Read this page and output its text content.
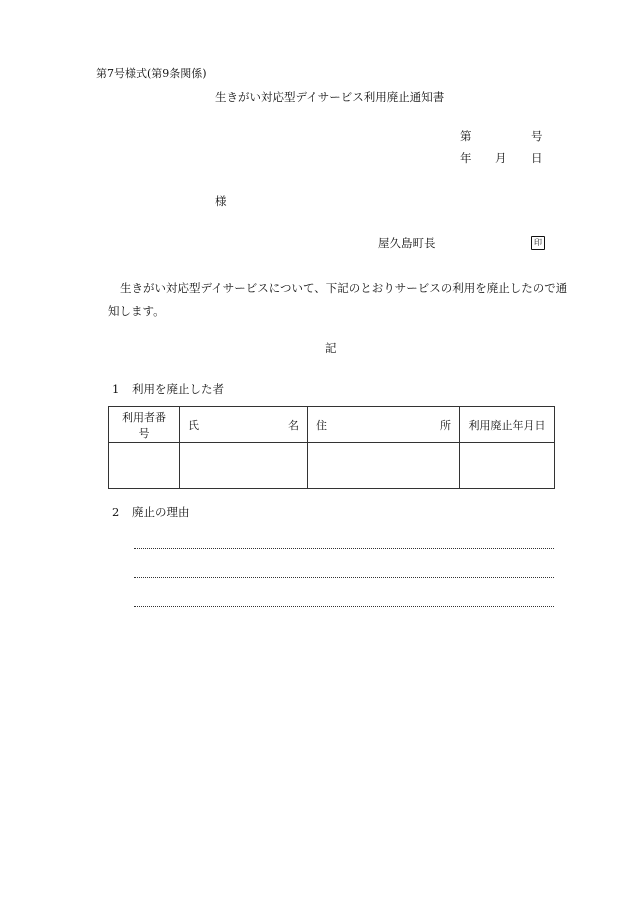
第7号様式(第9条関係)
生きがい対応型デイサービス利用廃止通知書
第	号
年 月 日
様
屋久島町長	印
生きがい対応型デイサービスについて、下記のとおりサービスの利用を廃止したので通知します。
記
1 利用を廃止した者
利用者番号	氏 名	住 所	利用廃止年月日

2 廃止の理由
